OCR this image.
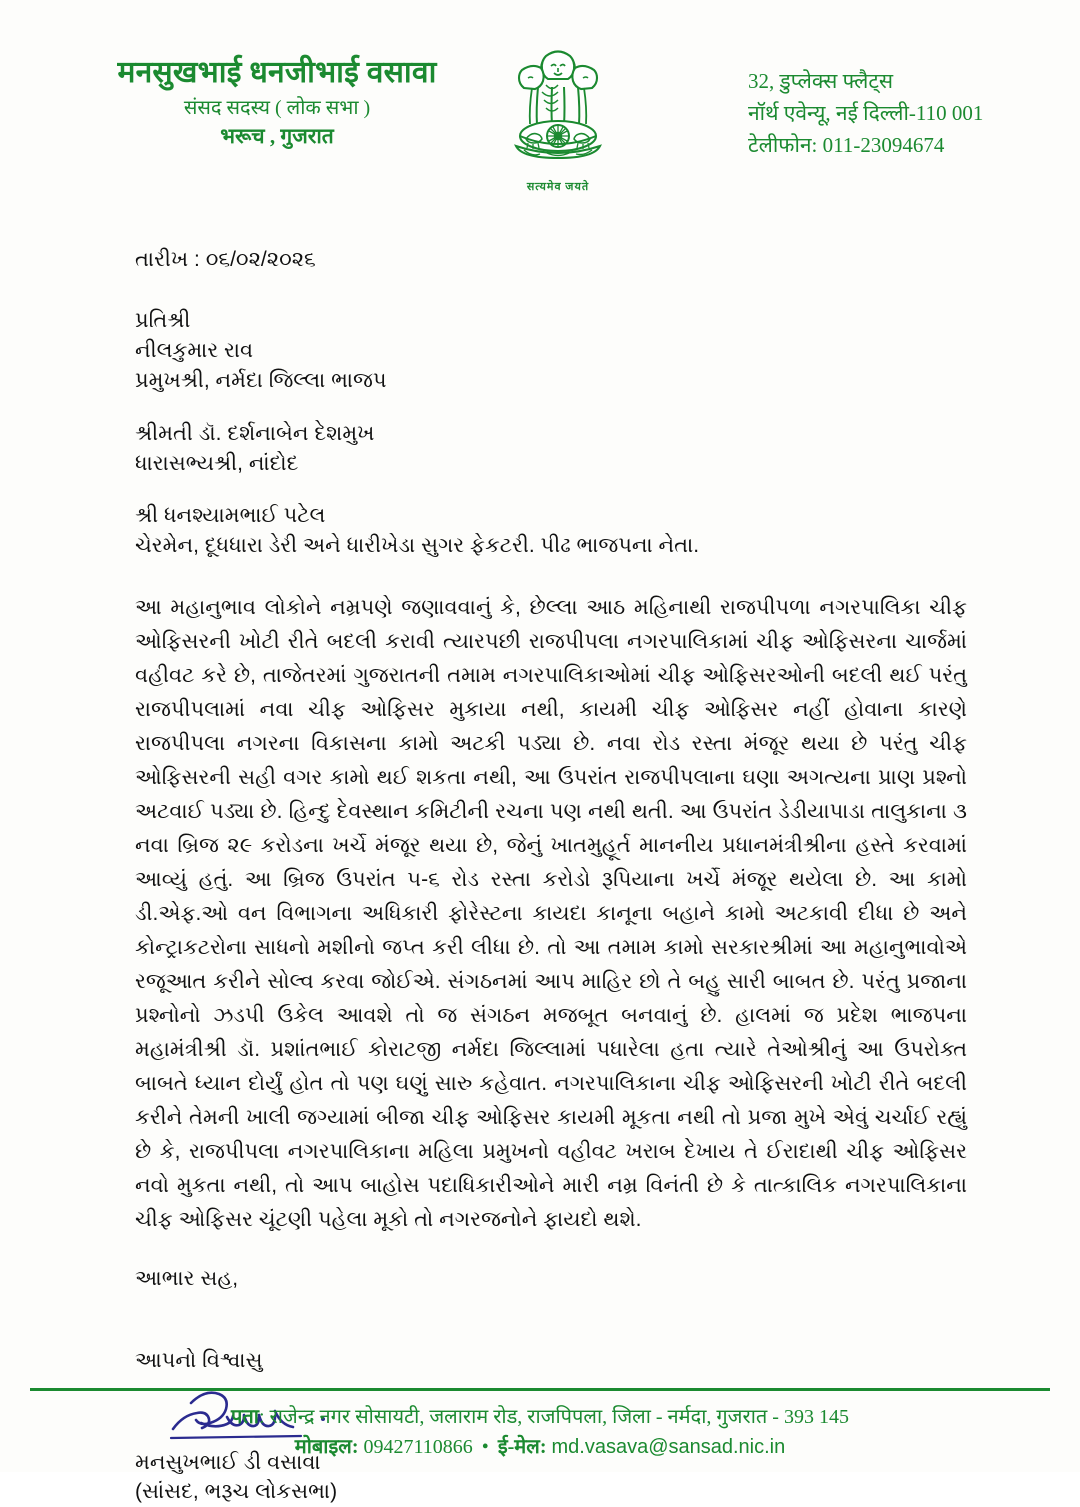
मनसुखभाई धनजीभाई वसावा
संसद सदस्य ( लोक सभा )
भरूच , गुजरात
सत्यमेव जयते
32, डुप्लेक्स फ्लैट्स
नॉर्थ एवेन्यू, नई दिल्ली-110 001
टेलीफोन: 011-23094674
તારીખ : ૦૬/૦૨/૨૦૨૬
પ્રતિશ્રી
નીલકુમાર રાવ
પ્રમુખશ્રી, નર્મદા જિલ્લા ભાજપ
શ્રીમતી ડૉ. દર્શનાબેન દેશમુખ
ધારાસભ્યશ્રી, નાંદોદ
શ્રી ધનશ્યામભાઈ પટેલ
ચેરમેન, દૂધધારા ડેરી અને ધારીખેડા સુગર ફેકટરી. પીઢ ભાજપના નેતા.

આ મહાનુભાવ લોકોને નમ્રપણે જણાવવાનું કે, છેલ્લા આઠ મહિનાથી રાજપીપળા નગરપાલિકા ચીફ ઓફિસરની ખોટી રીતે બદલી કરાવી ત્યારપછી રાજપીપલા નગરપાલિકામાં ચીફ ઓફિસરના ચાર્જમાં વહીવટ કરે છે, તાજેતરમાં ગુજરાતની તમામ નગરપાલિકાઓમાં ચીફ ઓફિસરઓની બદલી થઈ પરંતુ રાજપીપલામાં નવા ચીફ ઓફિસર મુકાયા નથી, કાયમી ચીફ ઓફિસર નહીં હોવાના કારણે રાજપીપલા નગરના વિકાસના કામો અટકી પડ્યા છે. નવા રોડ રસ્તા મંજૂર થયા છે પરંતુ ચીફ ઓફિસરની સહી વગર કામો થઈ શકતા નથી, આ ઉપરાંત રાજપીપલાના ઘણા અગત્યના પ્રાણ પ્રશ્નો અટવાઈ પડ્યા છે. હિન્દુ દેવસ્થાન કમિટીની રચના પણ નથી થતી. આ ઉપરાંત ડેડીયાપાડા તાલુકાના ૩ નવા બ્રિજ ૨૯ કરોડના ખર્ચે મંજૂર થયા છે, જેનું ખાતમુહૂર્ત માનનીય પ્રધાનમંત્રીશ્રીના હસ્તે કરવામાં આવ્યું હતું. આ બ્રિજ ઉપરાંત ૫-૬ રોડ રસ્તા કરોડો રૂપિયાના ખર્ચે મંજૂર થયેલા છે. આ કામો ડી.એફ.ઓ વન વિભાગના અધિકારી ફોરેસ્ટના કાયદા કાનૂના બહાને કામો અટકાવી દીધા છે અને કોન્ટ્રાકટરોના સાધનો મશીનો જપ્ત કરી લીધા છે. તો આ તમામ કામો સરકારશ્રીમાં આ મહાનુભાવોએ રજૂઆત કરીને સોલ્વ કરવા જોઈએ. સંગઠનમાં આપ માહિર છો તે બહુ સારી બાબત છે. પરંતુ પ્રજાના પ્રશ્નોનો ઝડપી ઉકેલ આવશે તો જ સંગઠન મજબૂત બનવાનું છે. હાલમાં જ પ્રદેશ ભાજપના મહામંત્રીશ્રી ડૉ. પ્રશાંતભાઈ કોરાટજી નર્મદા જિલ્લામાં પધારેલા હતા ત્યારે તેઓશ્રીનું આ ઉપરોક્ત બાબતે ધ્યાન દોર્યું હોત તો પણ ઘણું સારુ કહેવાત. નગરપાલિકાના ચીફ ઓફિસરની ખોટી રીતે બદલી કરીને તેમની ખાલી જગ્યામાં બીજા ચીફ ઓફિસર કાયમી મૂકતા નથી તો પ્રજા મુખે એવું ચર્ચાઈ રહ્યું છે કે, રાજપીપલા નગરપાલિકાના મહિલા પ્રમુખનો વહીવટ ખરાબ દેખાય તે ઈરાદાથી ચીફ ઓફિસર નવો મુકતા નથી, તો આપ બાહોસ પદાધિકારીઓને મારી નમ્ર વિનંતી છે કે તાત્કાલિક નગરપાલિકાના ચીફ ઓફિસર ચૂંટણી પહેલા મૂકો તો નગરજનોને ફાયદો થશે.

આભાર સહ,
આપનો વિશ્વાસુ
મનસુખભાઈ ડી વસાવા
(સાંસદ, ભરૂચ લોકસભા)
पता: राजेन्द्र नगर सोसायटी, जलाराम रोड, राजपिपला, जिला - नर्मदा, गुजरात - 393 145
मोबाइल: 09427110866 • ई-मेल: md.vasava@sansad.nic.in
